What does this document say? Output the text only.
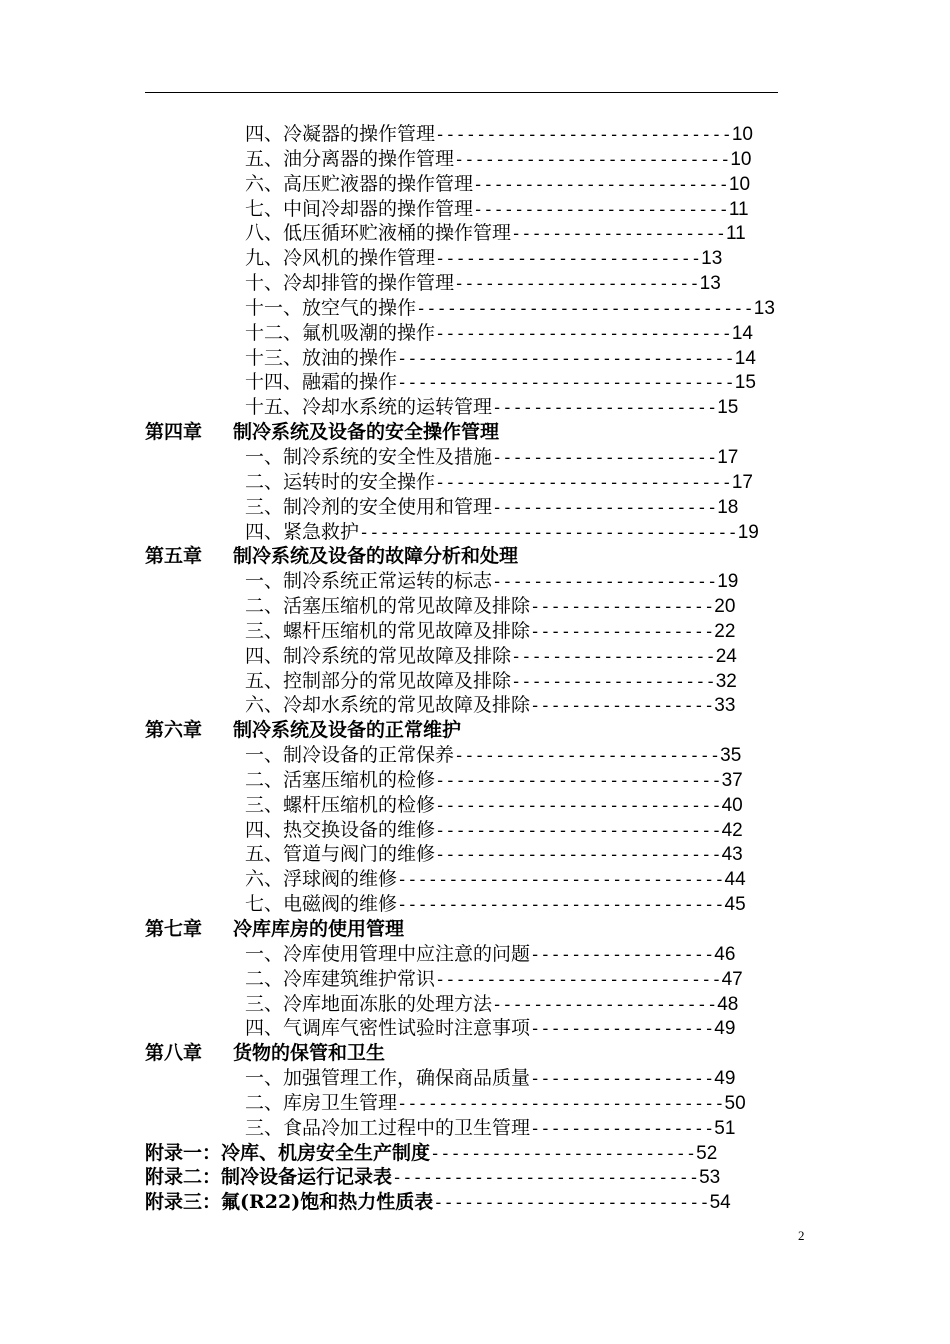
四、冷凝器的操作管理-----------------------------10
五、油分离器的操作管理---------------------------10
六、高压贮液器的操作管理-------------------------10
七、中间冷却器的操作管理-------------------------11
八、低压循环贮液桶的操作管理---------------------11
九、冷风机的操作管理--------------------------13
十、冷却排管的操作管理------------------------13
十一、放空气的操作---------------------------------13
十二、氟机吸潮的操作-----------------------------14
十三、放油的操作---------------------------------14
十四、融霜的操作---------------------------------15
十五、冷却水系统的运转管理----------------------15
第四章 制冷系统及设备的安全操作管理
一、制冷系统的安全性及措施----------------------17
二、运转时的安全操作-----------------------------17
三、制冷剂的安全使用和管理----------------------18
四、紧急救护-------------------------------------19
第五章 制冷系统及设备的故障分析和处理
一、制冷系统正常运转的标志----------------------19
二、活塞压缩机的常见故障及排除------------------20
三、螺杆压缩机的常见故障及排除------------------22
四、制冷系统的常见故障及排除--------------------24
五、控制部分的常见故障及排除--------------------32
六、冷却水系统的常见故障及排除------------------33
第六章 制冷系统及设备的正常维护
一、制冷设备的正常保养--------------------------35
二、活塞压缩机的检修----------------------------37
三、螺杆压缩机的检修----------------------------40
四、热交换设备的维修----------------------------42
五、管道与阀门的维修----------------------------43
六、浮球阀的维修--------------------------------44
七、电磁阀的维修--------------------------------45
第七章 冷库库房的使用管理
一、冷库使用管理中应注意的问题------------------46
二、冷库建筑维护常识----------------------------47
三、冷库地面冻胀的处理方法----------------------48
四、气调库气密性试验时注意事项------------------49
第八章 货物的保管和卫生
一、加强管理工作，确保商品质量------------------49
二、库房卫生管理--------------------------------50
三、食品冷加工过程中的卫生管理------------------51
附录一：冷库、机房安全生产制度--------------------------52
附录二：制冷设备运行记录表------------------------------53
附录三：氟(R22)饱和热力性质表---------------------------54
2
